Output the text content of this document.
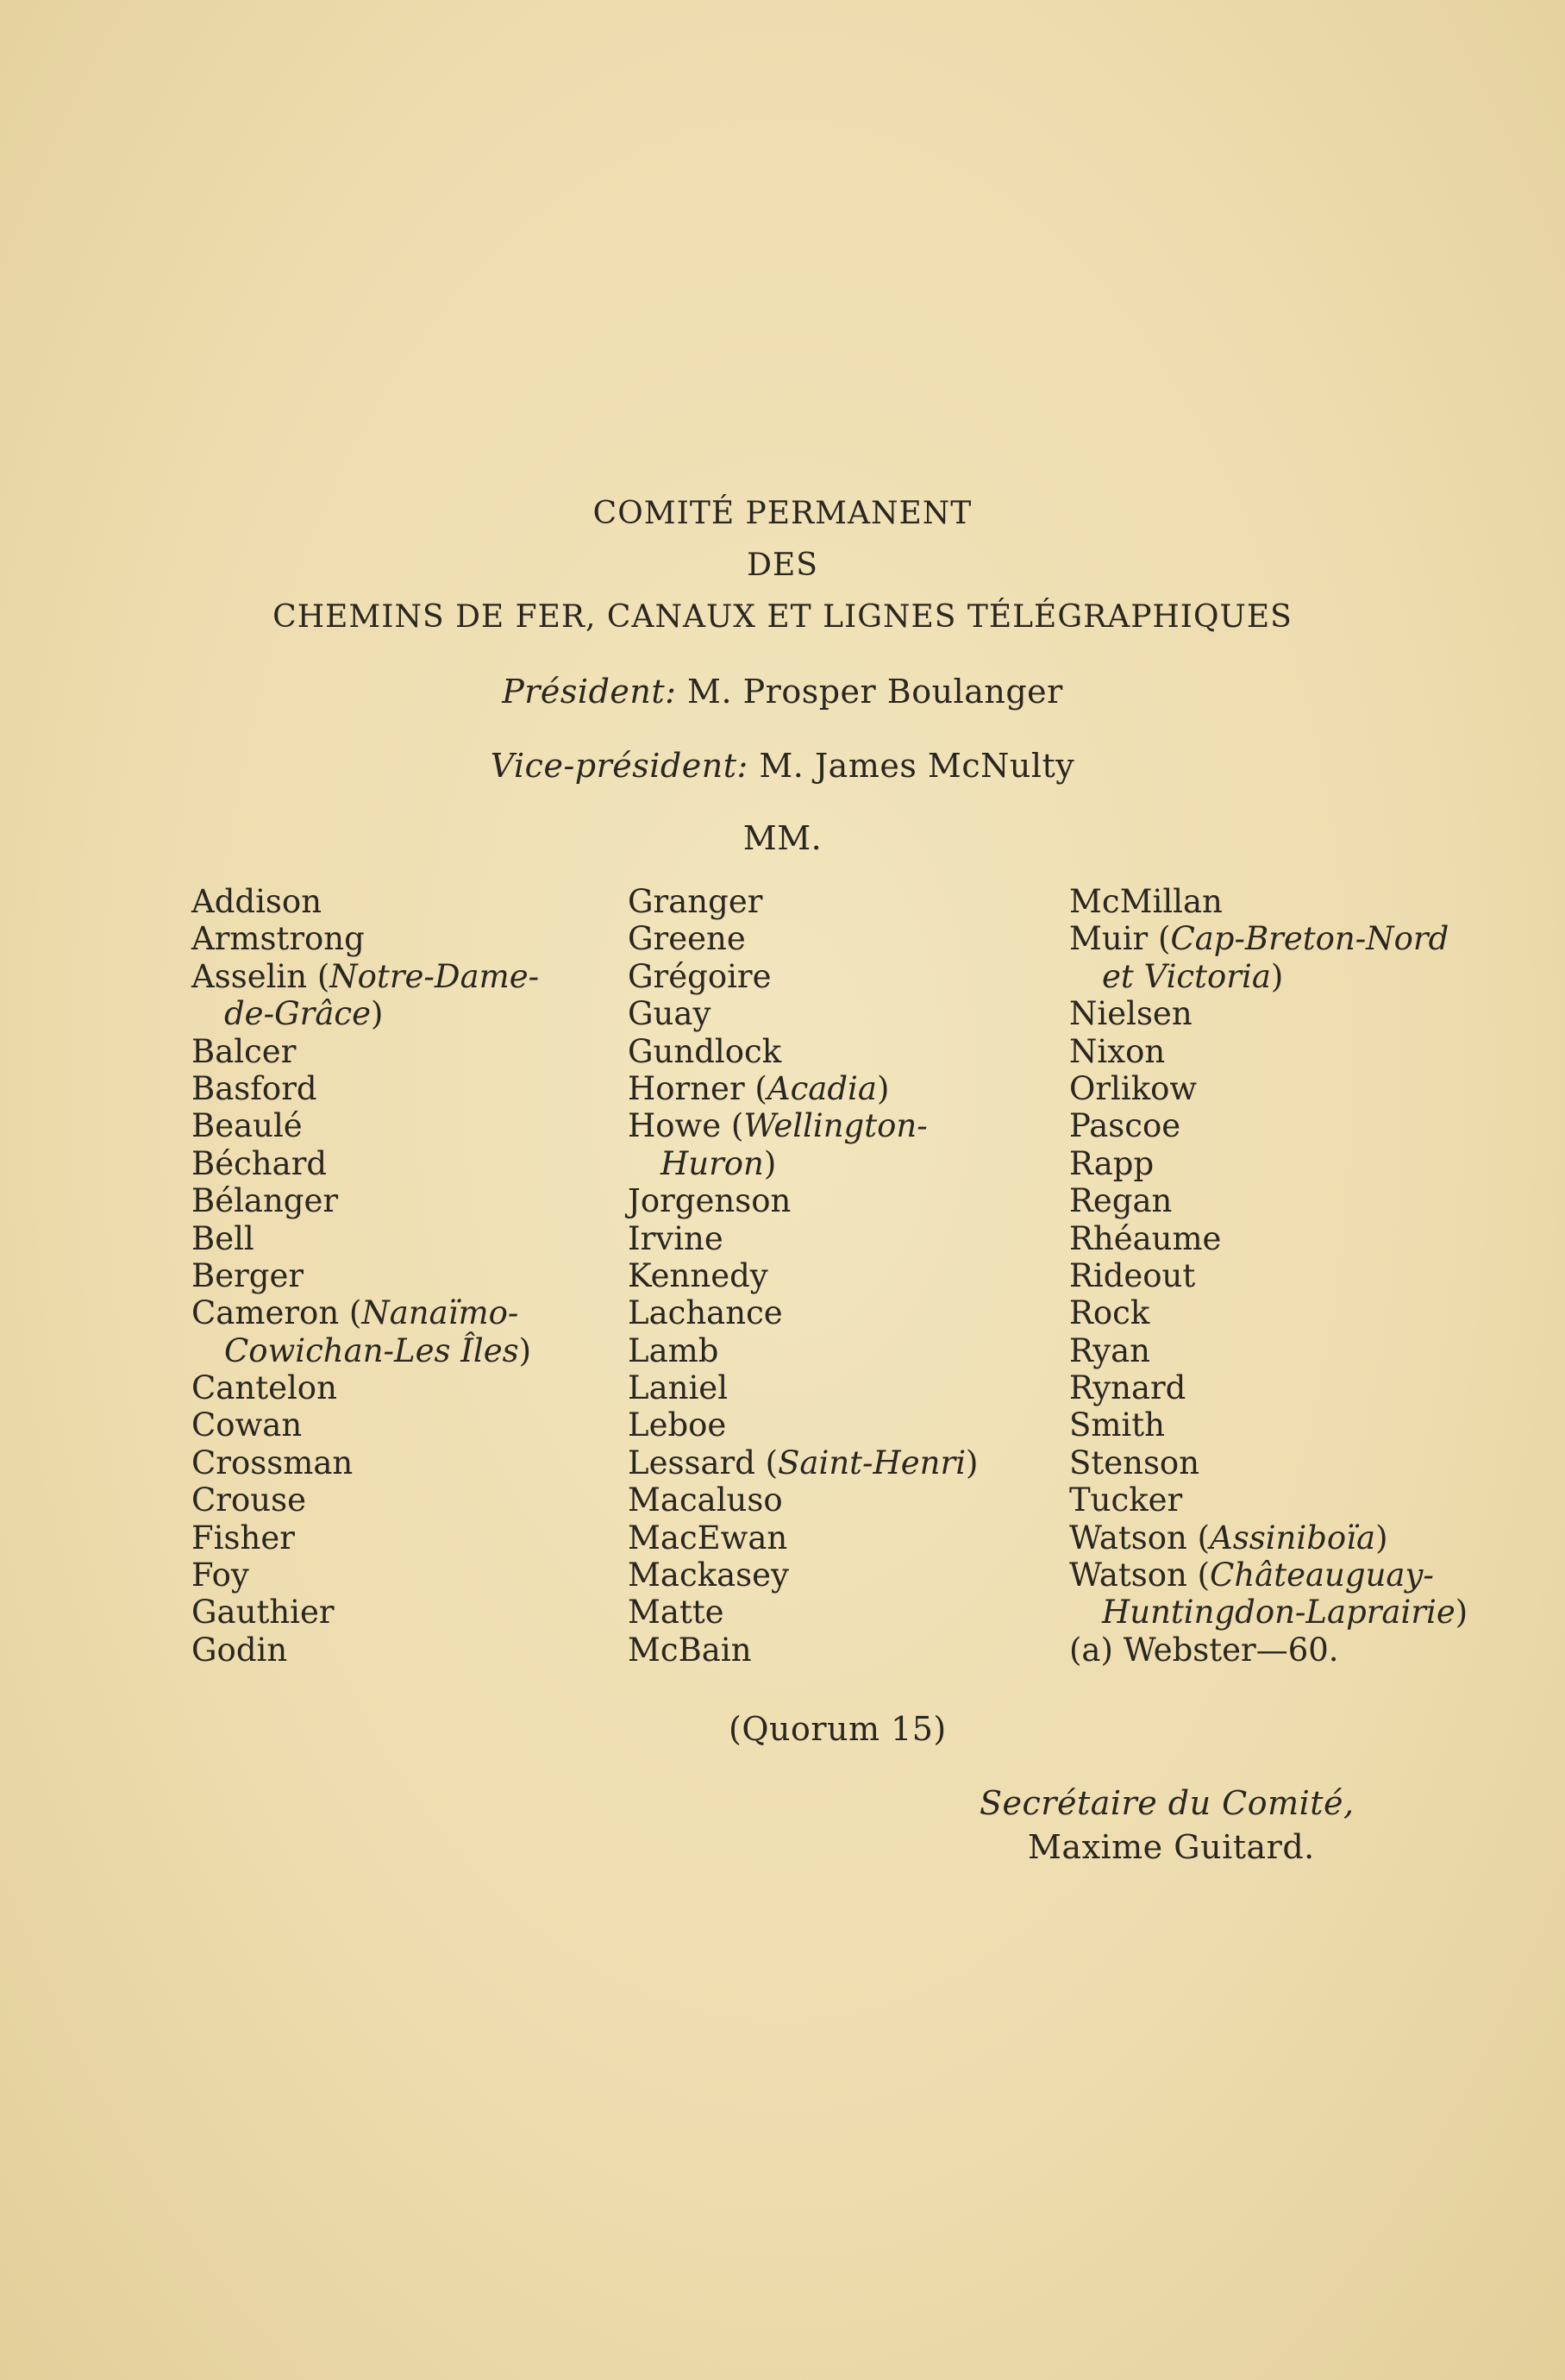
COMITÉ PERMANENT
DES
CHEMINS DE FER, CANAUX ET LIGNES TÉLÉGRAPHIQUES
Président: M. Prosper Boulanger
Vice-président: M. James McNulty
MM.
Addison
Armstrong
Asselin (Notre-Dame-
de-Grâce)
Balcer
Basford
Beaulé
Béchard
Bélanger
Bell
Berger
Cameron (Nanaïmo-
Cowichan-Les Îles)
Cantelon
Cowan
Crossman
Crouse
Fisher
Foy
Gauthier
Godin
Granger
Greene
Grégoire
Guay
Gundlock
Horner (Acadia)
Howe (Wellington-
Huron)
Jorgenson
Irvine
Kennedy
Lachance
Lamb
Laniel
Leboe
Lessard (Saint-Henri)
Macaluso
MacEwan
Mackasey
Matte
McBain
McMillan
Muir (Cap-Breton-Nord
et Victoria)
Nielsen
Nixon
Orlikow
Pascoe
Rapp
Regan
Rhéaume
Rideout
Rock
Ryan
Rynard
Smith
Stenson
Tucker
Watson (Assiniboïa)
Watson (Châteauguay-
Huntingdon-Laprairie)
(a) Webster—60.
(Quorum 15)
Secrétaire du Comité,
Maxime Guitard.
